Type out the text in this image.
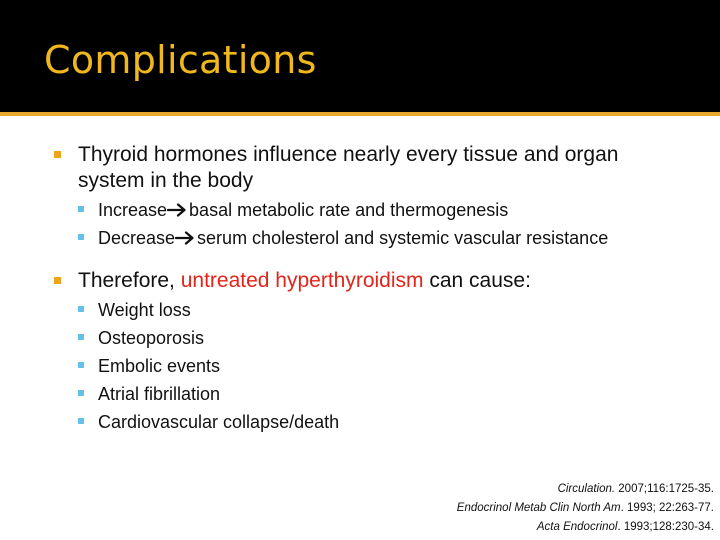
Complications
Thyroid hormones influence nearly every tissue and organ system in the body
Increase basal metabolic rate and thermogenesis
Decrease serum cholesterol and systemic vascular resistance
Therefore, untreated hyperthyroidism can cause:
Weight loss
Osteoporosis
Embolic events
Atrial fibrillation
Cardiovascular collapse/death
Circulation. 2007;116:1725-35.
Endocrinol Metab Clin North Am. 1993; 22:263-77.
Acta Endocrinol. 1993;128:230-34.
